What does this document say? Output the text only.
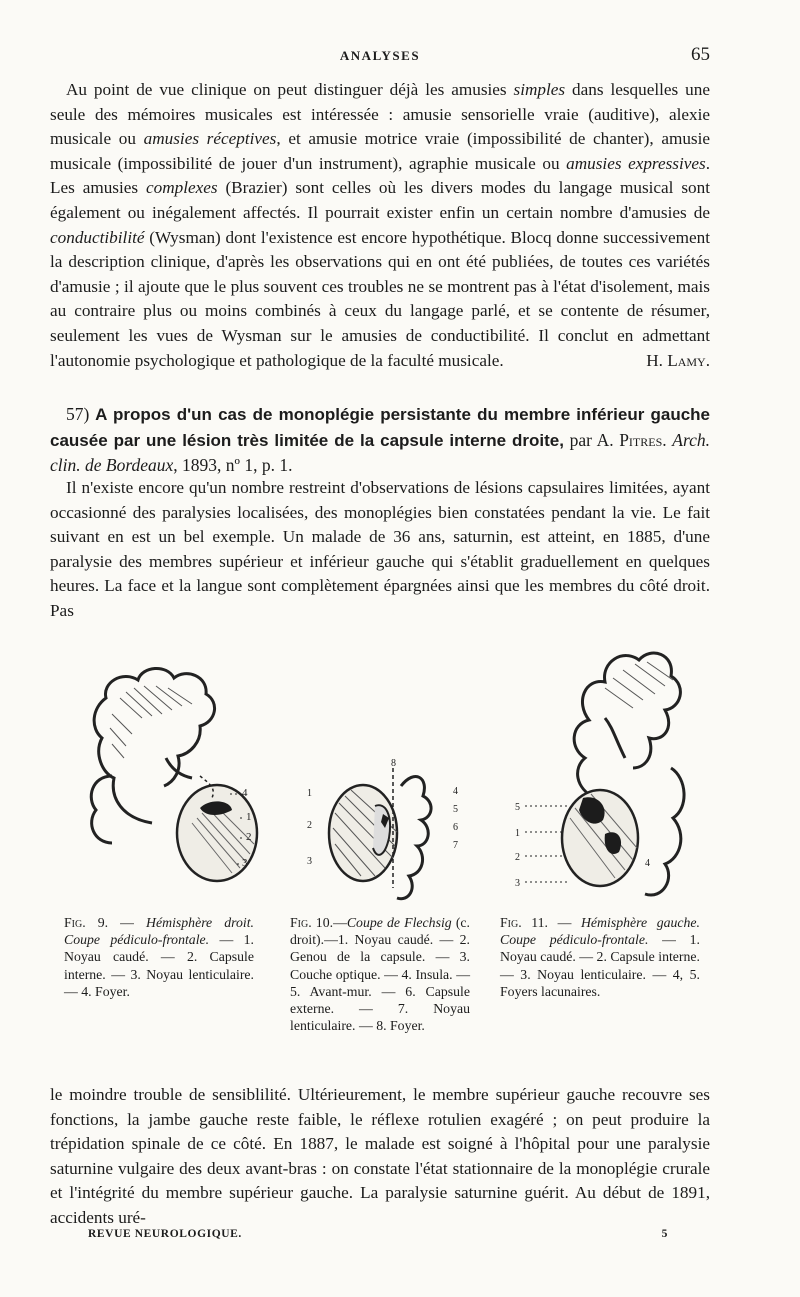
ANALYSES	65
Au point de vue clinique on peut distinguer déjà les amusies simples dans lesquelles une seule des mémoires musicales est intéressée : amusie sensorielle vraie (auditive), alexie musicale ou amusies réceptives, et amusie motrice vraie (impossibilité de chanter), amusie musicale (impossibilité de jouer d'un instrument), agraphie musicale ou amusies expressives. Les amusies complexes (Brazier) sont celles où les divers modes du langage musical sont également ou inégalement affectés. Il pourrait exister enfin un certain nombre d'amusies de conductibilité (Wysman) dont l'existence est encore hypothétique. Blocq donne successivement la description clinique, d'après les observations qui en ont été publiées, de toutes ces variétés d'amusie ; il ajoute que le plus souvent ces troubles ne se montrent pas à l'état d'isolement, mais au contraire plus ou moins combinés à ceux du langage parlé, et se contente de résumer, seulement les vues de Wysman sur le amusies de conductibilité. Il conclut en admettant l'autonomie psychologique et pathologique de la faculté musicale.	H. Lamy.
57) A propos d'un cas de monoplégie persistante du membre inférieur gauche causée par une lésion très limitée de la capsule interne droite, par A. Pitres. Arch. clin. de Bordeaux, 1893, nº 1, p. 1.

Il n'existe encore qu'un nombre restreint d'observations de lésions capsulaires limitées, ayant occasionné des paralysies localisées, des monoplégies bien constatées pendant la vie. Le fait suivant en est un bel exemple. Un malade de 36 ans, saturnin, est atteint, en 1885, d'une paralysie des membres supérieur et inférieur gauche qui s'établit graduellement en quelques heures. La face et la langue sont complètement épargnées ainsi que les membres du côté droit. Pas

4
1
2
3
1
2
3
8
4
5
6
7
5
1
2
3
4
Fig. 9. — Hémisphère droit. Coupe pédiculo-frontale. — 1. Noyau caudé. — 2. Capsule interne. — 3. Noyau lenticulaire. — 4. Foyer.
Fig. 10.—Coupe de Flechsig (c. droit).—1. Noyau caudé. — 2. Genou de la capsule. — 3. Couche optique. — 4. Insula. — 5. Avant-mur. — 6. Capsule externe. — 7. Noyau lenticulaire. — 8. Foyer.
Fig. 11. — Hémisphère gauche. Coupe pédiculo-frontale. — 1. Noyau caudé. — 2. Capsule interne. — 3. Noyau lenticulaire. — 4, 5. Foyers lacunaires.

le moindre trouble de sensiblilité. Ultérieurement, le membre supérieur gauche recouvre ses fonctions, la jambe gauche reste faible, le réflexe rotulien exagéré ; on peut produire la trépidation spinale de ce côté. En 1887, le malade est soigné à l'hôpital pour une paralysie saturnine vulgaire des deux avant-bras : on constate l'état stationnaire de la monoplégie crurale et l'intégrité du membre supérieur gauche. La paralysie saturnine guérit. Au début de 1891, accidents uré-

REVUE NEUROLOGIQUE.	5
